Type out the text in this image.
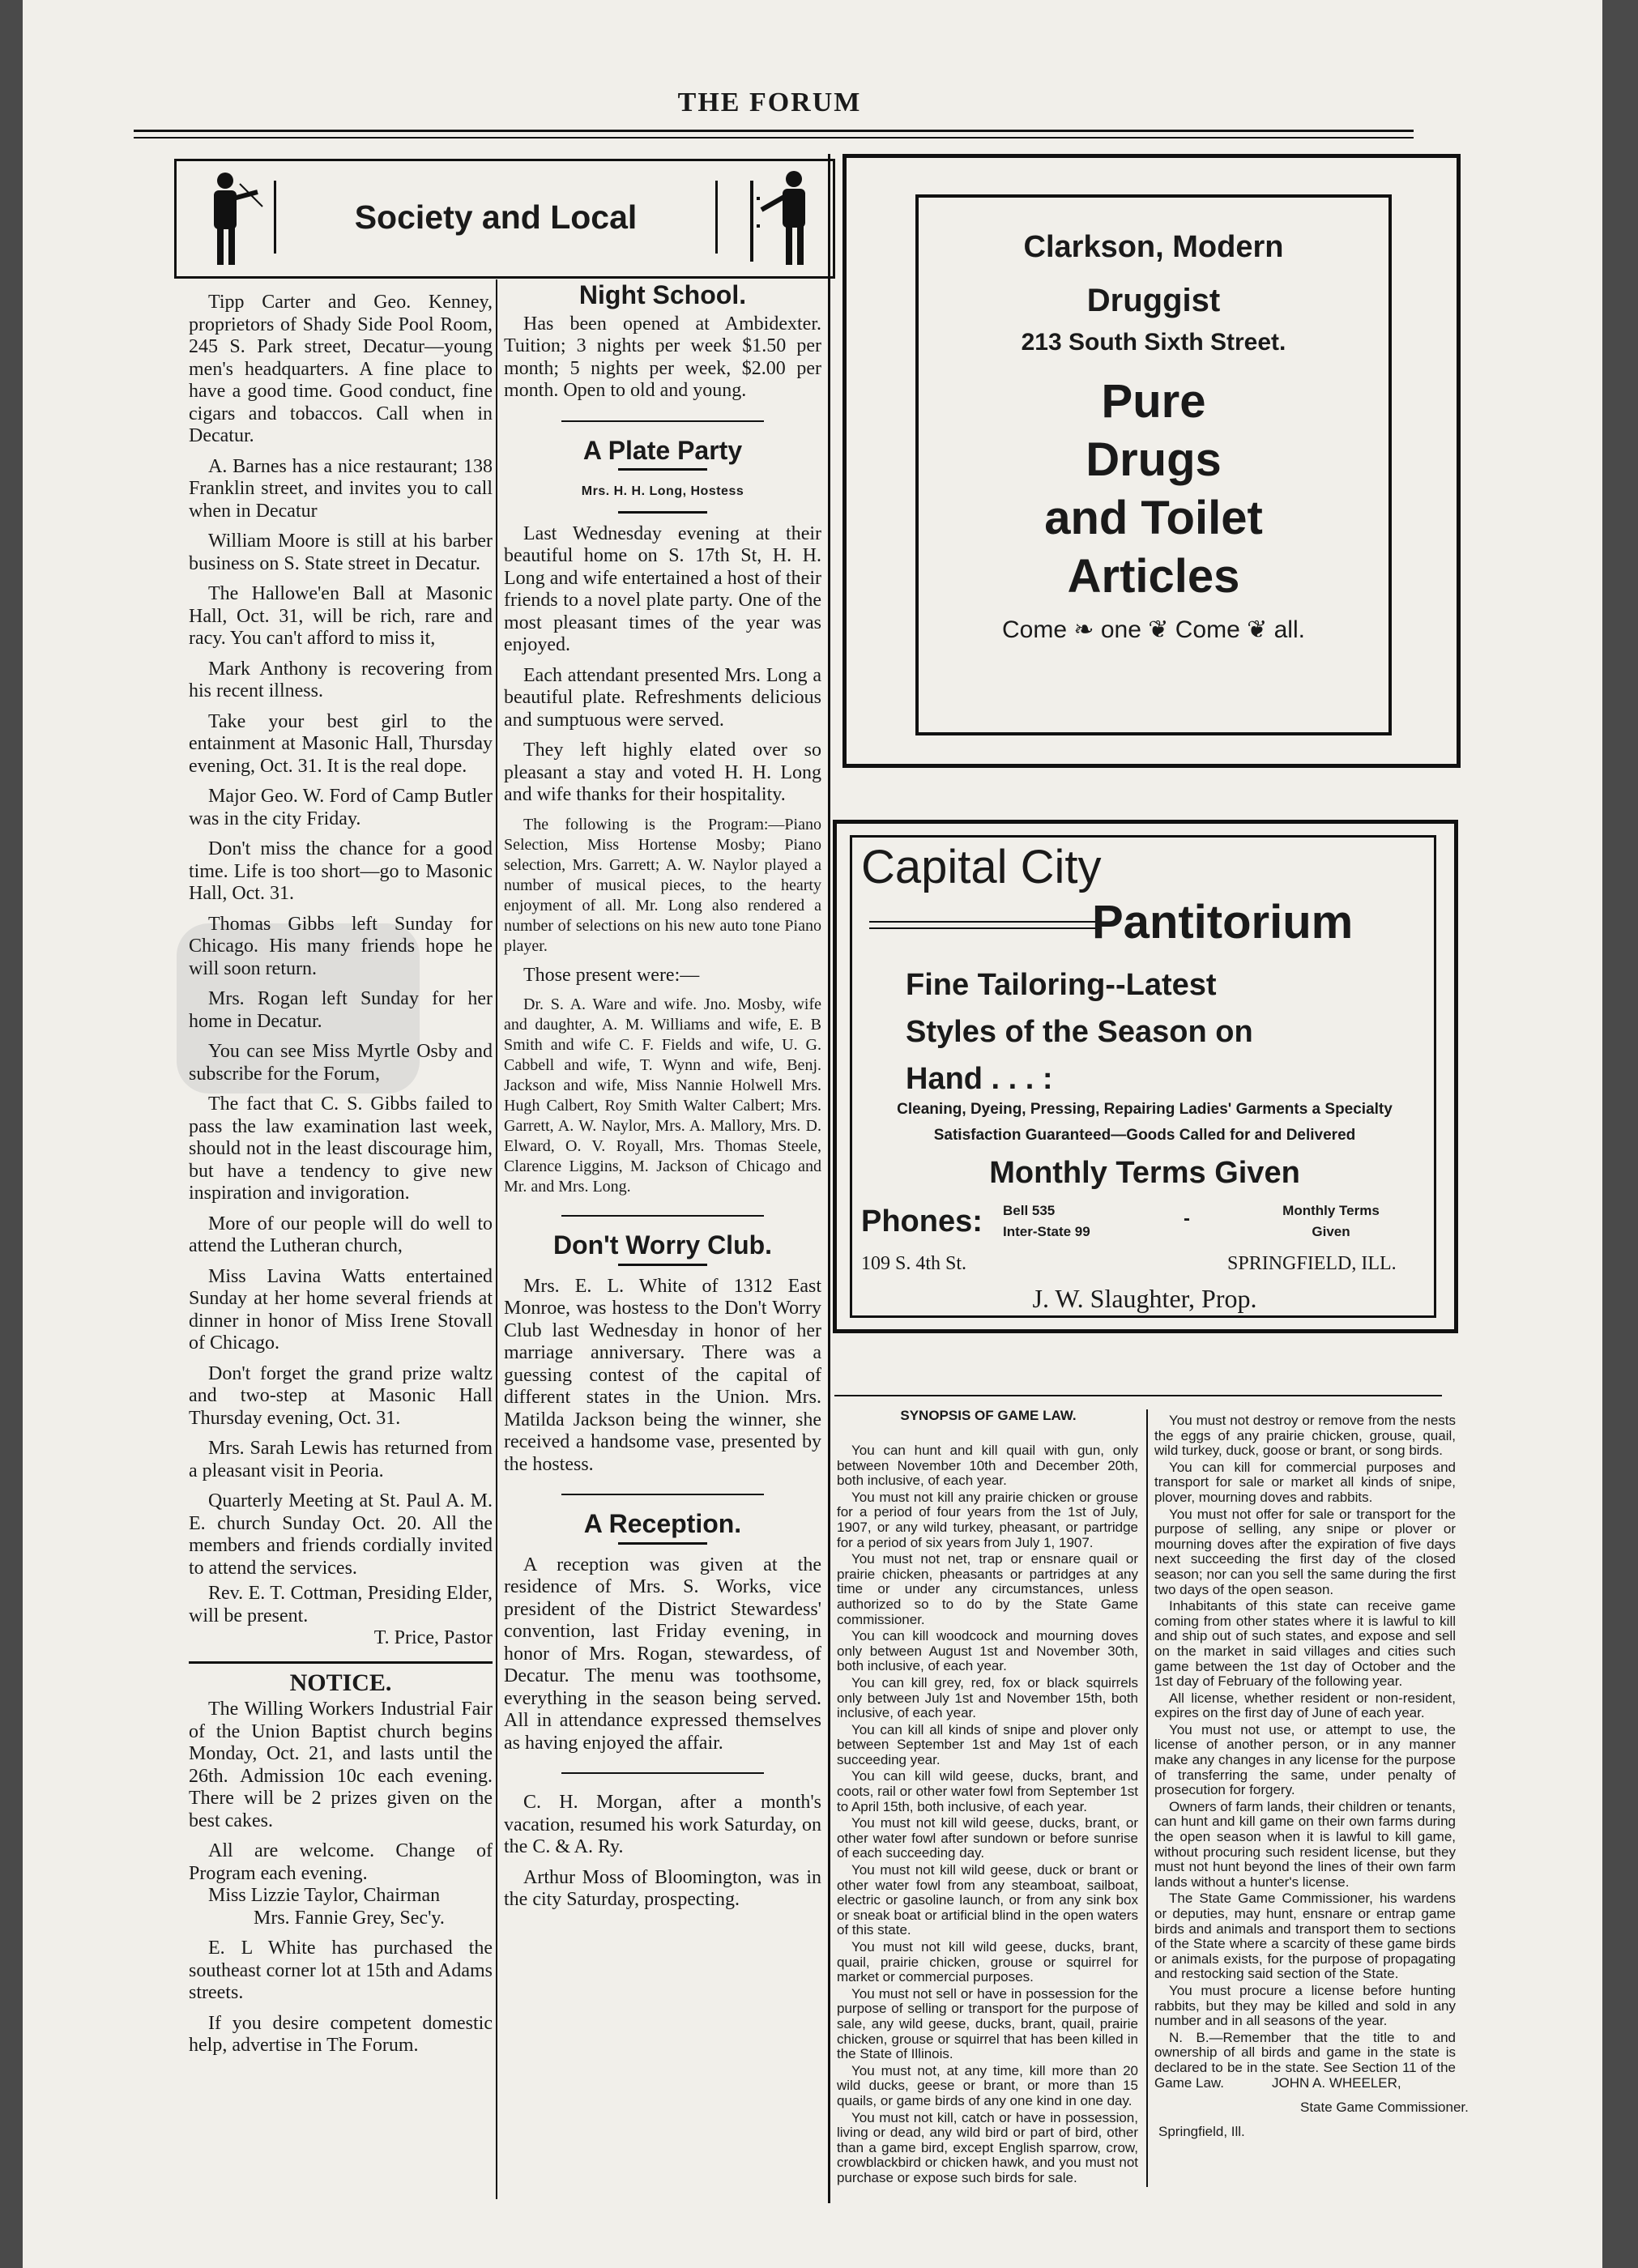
THE FORUM
Society and Local

Tipp Carter and Geo. Kenney, proprietors of Shady Side Pool Room, 245 S. Park street, Decatur—young men's headquarters. A fine place to have a good time. Good conduct, fine cigars and tobaccos. Call when in Decatur.

A. Barnes has a nice restaurant; 138 Franklin street, and invites you to call when in Decatur

William Moore is still at his barber business on S. State street in Decatur.

The Hallowe'en Ball at Masonic Hall, Oct. 31, will be rich, rare and racy. You can't afford to miss it,

Mark Anthony is recovering from his recent illness.

Take your best girl to the entainment at Masonic Hall, Thursday evening, Oct. 31. It is the real dope.

Major Geo. W. Ford of Camp Butler was in the city Friday.

Don't miss the chance for a good time. Life is too short—go to Masonic Hall, Oct. 31.

Thomas Gibbs left Sunday for Chicago. His many friends hope he will soon return.

Mrs. Rogan left Sunday for her home in Decatur.

You can see Miss Myrtle Osby and subscribe for the Forum,

The fact that C. S. Gibbs failed to pass the law examination last week, should not in the least discourage him, but have a tendency to give new inspiration and invigoration.

More of our people will do well to attend the Lutheran church,

Miss Lavina Watts entertained Sunday at her home several friends at dinner in honor of Miss Irene Stovall of Chicago.

Don't forget the grand prize waltz and two-step at Masonic Hall Thursday evening, Oct. 31.

Mrs. Sarah Lewis has returned from a pleasant visit in Peoria.

Quarterly Meeting at St. Paul A. M. E. church Sunday Oct. 20. All the members and friends cordially invited to attend the services.

Rev. E. T. Cottman, Presiding Elder, will be present.

T. Price, Pastor

NOTICE.

The Willing Workers Industrial Fair of the Union Baptist church begins Monday, Oct. 21, and lasts until the 26th. Admission 10c each evening. There will be 2 prizes given on the best cakes.

All are welcome. Change of Program each evening.

Miss Lizzie Taylor, Chairman
Mrs. Fannie Grey, Sec'y.

E. L White has purchased the southeast corner lot at 15th and Adams streets.

If you desire competent domestic help, advertise in The Forum.

Night School.

Has been opened at Ambidexter. Tuition; 3 nights per week $1.50 per month; 5 nights per week, $2.00 per month. Open to old and young.

A Plate Party
Mrs. H. H. Long, Hostess

Last Wednesday evening at their beautiful home on S. 17th St, H. H. Long and wife entertained a host of their friends to a novel plate party. One of the most pleasant times of the year was enjoyed.

Each attendant presented Mrs. Long a beautiful plate. Refreshments delicious and sumptuous were served.

They left highly elated over so pleasant a stay and voted H. H. Long and wife thanks for their hospitality.

The following is the Program:—Piano Selection, Miss Hortense Mosby; Piano selection, Mrs. Garrett; A. W. Naylor played a number of musical pieces, to the hearty enjoyment of all. Mr. Long also rendered a number of selections on his new auto tone Piano player.

Those present were:—

Dr. S. A. Ware and wife. Jno. Mosby, wife and daughter, A. M. Williams and wife, E. B Smith and wife C. F. Fields and wife, U. G. Cabbell and wife, T. Wynn and wife, Benj. Jackson and wife, Miss Nannie Holwell Mrs. Hugh Calbert, Roy Smith Walter Calbert; Mrs. Garrett, A. W. Naylor, Mrs. A. Mallory, Mrs. D. Elward, O. V. Royall, Mrs. Thomas Steele, Clarence Liggins, M. Jackson of Chicago and Mr. and Mrs. Long.

Don't Worry Club.

Mrs. E. L. White of 1312 East Monroe, was hostess to the Don't Worry Club last Wednesday in honor of her marriage anniversary. There was a guessing contest of the capital of different states in the Union. Mrs. Matilda Jackson being the winner, she received a handsome vase, presented by the hostess.

A Reception.

A reception was given at the residence of Mrs. S. Works, vice president of the District Stewardess' convention, last Friday evening, in honor of Mrs. Rogan, stewardess, of Decatur. The menu was toothsome, everything in the season being served. All in attendance expressed themselves as having enjoyed the affair.

C. H. Morgan, after a month's vacation, resumed his work Saturday, on the C. & A. Ry.

Arthur Moss of Bloomington, was in the city Saturday, prospecting.

Clarkson, Modern
Druggist
213 South Sixth Street.
Pure
Drugs
and Toilet
Articles
Come ❧ one ❦ Come ❦ all.
Capital City
Pantitorium
Fine Tailoring--Latest
Styles of the Season on
Hand . . . :
Cleaning, Dyeing, Pressing, Repairing Ladies' Garments a Specialty
Satisfaction Guaranteed—Goods Called for and Delivered
Monthly Terms Given
Phones: Bell 535
Inter-State 99
-	Monthly Terms
Given
109 S. 4th St.	SPRINGFIELD, ILL.
J. W. Slaughter, Prop.
SYNOPSIS OF GAME LAW.

You can hunt and kill quail with gun, only between November 10th and December 20th, both inclusive, of each year.

You must not kill any prairie chicken or grouse for a period of four years from the 1st of July, 1907, or any wild turkey, pheasant, or partridge for a period of six years from July 1, 1907.

You must not net, trap or ensnare quail or prairie chicken, pheasants or partridges at any time or under any circumstances, unless authorized so to do by the State Game commissioner.

You can kill woodcock and mourning doves only between August 1st and November 30th, both inclusive, of each year.

You can kill grey, red, fox or black squirrels only between July 1st and November 15th, both inclusive, of each year.

You can kill all kinds of snipe and plover only between September 1st and May 1st of each succeeding year.

You can kill wild geese, ducks, brant, and coots, rail or other water fowl from September 1st to April 15th, both inclusive, of each year.

You must not kill wild geese, ducks, brant, or other water fowl after sundown or before sunrise of each succeeding day.

You must not kill wild geese, duck or brant or other water fowl from any steamboat, sailboat, electric or gasoline launch, or from any sink box or sneak boat or artificial blind in the open waters of this state.

You must not kill wild geese, ducks, brant, quail, prairie chicken, grouse or squirrel for market or commercial purposes.

You must not sell or have in possession for the purpose of selling or transport for the purpose of sale, any wild geese, ducks, brant, quail, prairie chicken, grouse or squirrel that has been killed in the State of Illinois.

You must not, at any time, kill more than 20 wild ducks, geese or brant, or more than 15 quails, or game birds of any one kind in one day.

You must not kill, catch or have in possession, living or dead, any wild bird or part of bird, other than a game bird, except English sparrow, crow, crowblackbird or chicken hawk, and you must not purchase or expose such birds for sale.

You must not destroy or remove from the nests the eggs of any prairie chicken, grouse, quail, wild turkey, duck, goose or brant, or song birds.

You can kill for commercial purposes and transport for sale or market all kinds of snipe, plover, mourning doves and rabbits.

You must not offer for sale or transport for the purpose of selling, any snipe or plover or mourning doves after the expiration of five days next succeeding the first day of the closed season; nor can you sell the same during the first two days of the open season.

Inhabitants of this state can receive game coming from other states where it is lawful to kill and ship out of such states, and expose and sell on the market in said villages and cities such game between the 1st day of October and the 1st day of February of the following year.

All license, whether resident or non-resident, expires on the first day of June of each year.

You must not use, or attempt to use, the license of another person, or in any manner make any changes in any license for the purpose of transferring the same, under penalty of prosecution for forgery.

Owners of farm lands, their children or tenants, can hunt and kill game on their own farms during the open season when it is lawful to kill game, without procuring such resident license, but they must not hunt beyond the lines of their own farm lands without a hunter's license.

The State Game Commissioner, his wardens or deputies, may hunt, ensnare or entrap game birds and animals and transport them to sections of the State where a scarcity of these game birds or animals exists, for the purpose of propagating and restocking said section of the State.

You must procure a license before hunting rabbits, but they may be killed and sold in any number and in all seasons of the year.

N. B.—Remember that the title to and ownership of all birds and game in the state is declared to be in the state. See Section 11 of the Game Law.	JOHN A. WHEELER,
State Game Commissioner.
Springfield, Ill.
